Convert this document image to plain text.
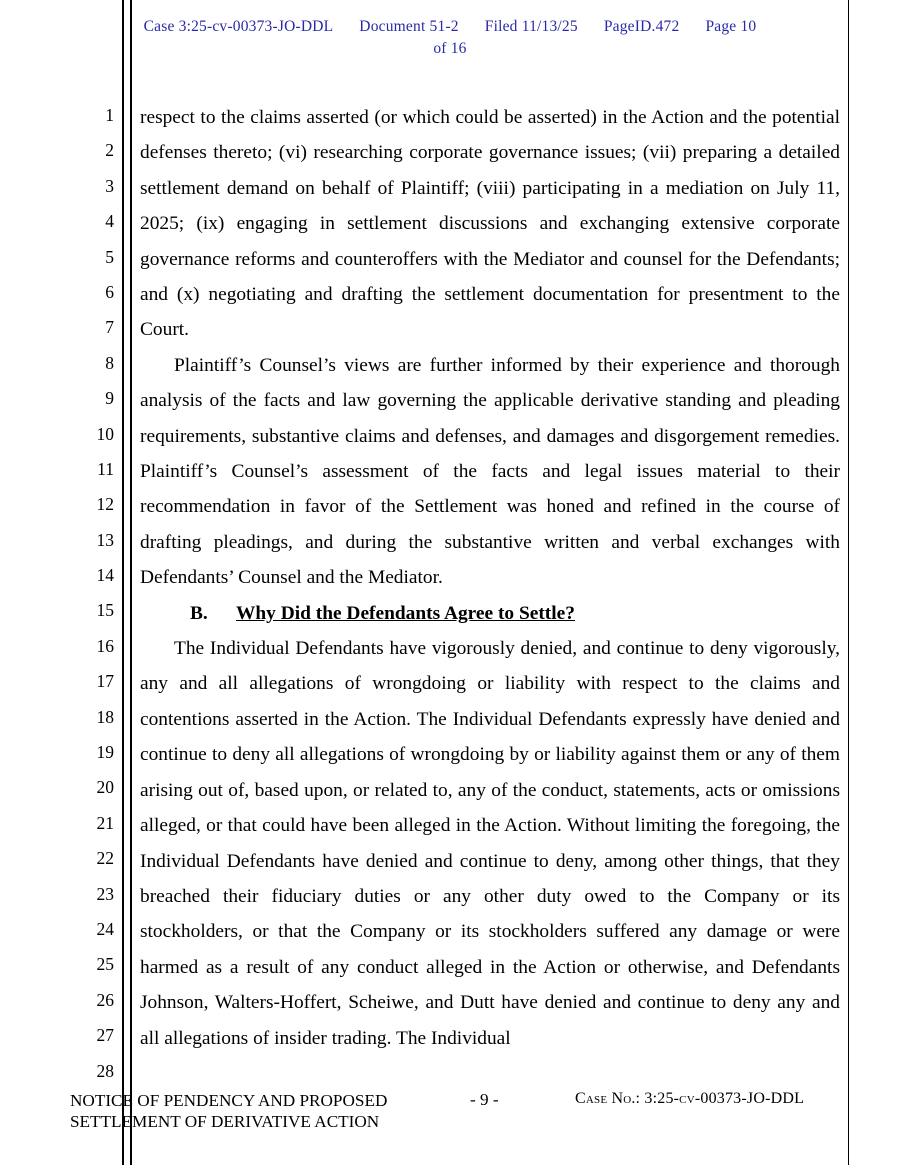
Case 3:25-cv-00373-JO-DDL Document 51-2 Filed 11/13/25 PageID.472 Page 10
of 16
1
2
3
4
5
6
7
8
9
10
11
12
13
14
15
16
17
18
19
20
21
22
23
24
25
26
27
28

respect to the claims asserted (or which could be asserted) in the Action and the potential defenses thereto; (vi) researching corporate governance issues; (vii) preparing a detailed settlement demand on behalf of Plaintiff; (viii) participating in a mediation on July 11, 2025; (ix) engaging in settlement discussions and exchanging extensive corporate governance reforms and counteroffers with the Mediator and counsel for the Defendants; and (x) negotiating and drafting the settlement documentation for presentment to the Court.

Plaintiff’s Counsel’s views are further informed by their experience and thorough analysis of the facts and law governing the applicable derivative standing and pleading requirements, substantive claims and defenses, and damages and disgorgement remedies. Plaintiff’s Counsel’s assessment of the facts and legal issues material to their recommendation in favor of the Settlement was honed and refined in the course of drafting pleadings, and during the substantive written and verbal exchanges with Defendants’ Counsel and the Mediator.

B.	Why Did the Defendants Agree to Settle?

The Individual Defendants have vigorously denied, and continue to deny vigorously, any and all allegations of wrongdoing or liability with respect to the claims and contentions asserted in the Action. The Individual Defendants expressly have denied and continue to deny all allegations of wrongdoing by or liability against them or any of them arising out of, based upon, or related to, any of the conduct, statements, acts or omissions alleged, or that could have been alleged in the Action. Without limiting the foregoing, the Individual Defendants have denied and continue to deny, among other things, that they breached their fiduciary duties or any other duty owed to the Company or its stockholders, or that the Company or its stockholders suffered any damage or were harmed as a result of any conduct alleged in the Action or otherwise, and Defendants Johnson, Walters-Hoffert, Scheiwe, and Dutt have denied and continue to deny any and all allegations of insider trading. The Individual

NOTICE OF PENDENCY AND PROPOSED
SETTLEMENT OF DERIVATIVE ACTION
- 9 -	Case No.: 3:25-cv-00373-JO-DDL
